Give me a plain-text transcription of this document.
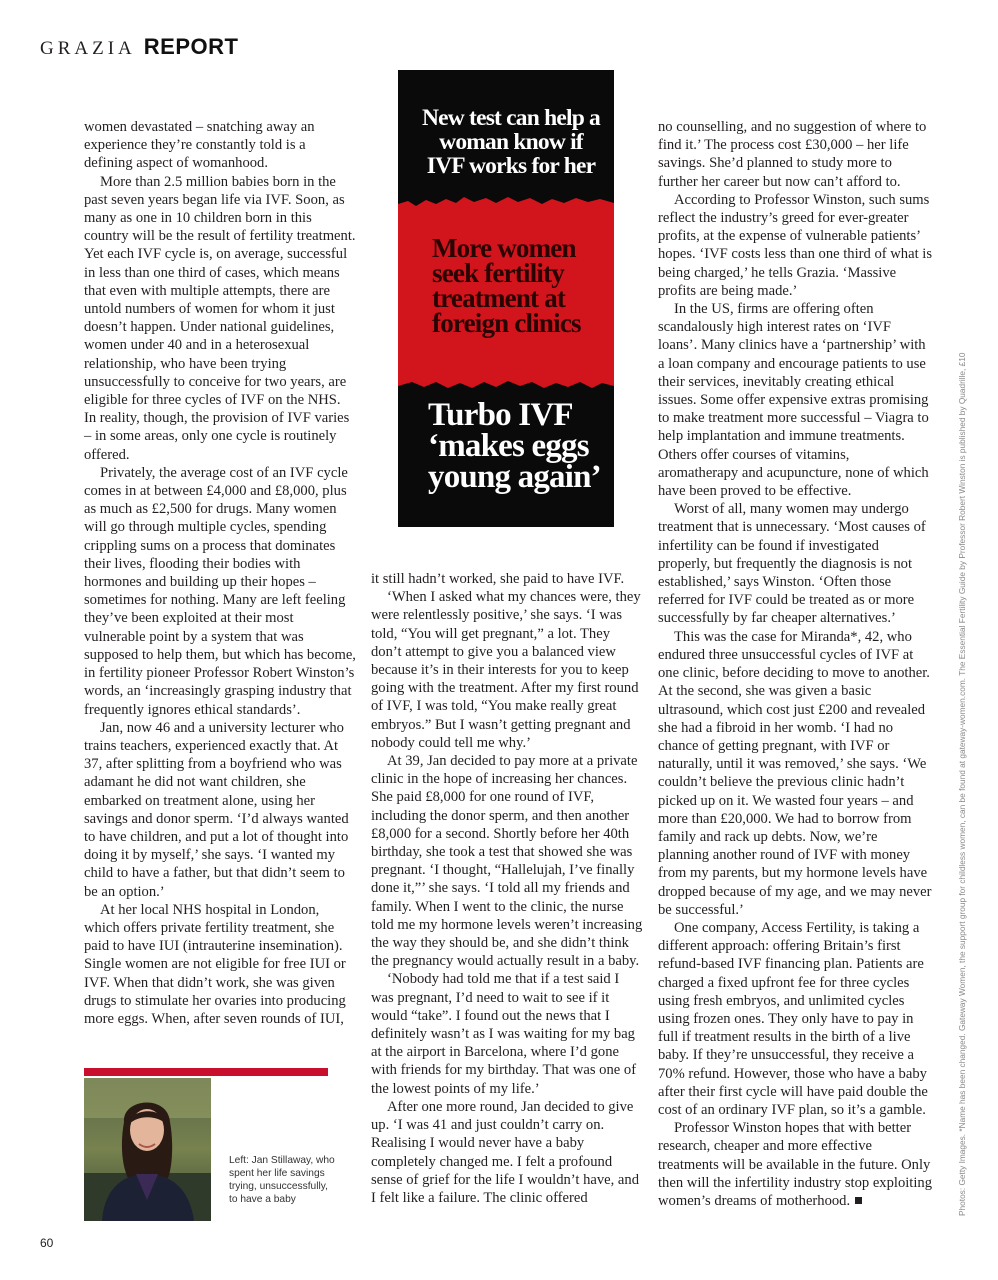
GRAZIA REPORT

women devastated – snatching away an experience they’re constantly told is a defining aspect of womanhood.

More than 2.5 million babies born in the past seven years began life via IVF. Soon, as many as one in 10 children born in this country will be the result of fertility treatment. Yet each IVF cycle is, on average, successful in less than one third of cases, which means that even with multiple attempts, there are untold numbers of women for whom it just doesn’t happen. Under national guidelines, women under 40 and in a heterosexual relationship, who have been trying unsuccessfully to conceive for two years, are eligible for three cycles of IVF on the NHS. In reality, though, the provision of IVF varies – in some areas, only one cycle is routinely offered.

Privately, the average cost of an IVF cycle comes in at between £4,000 and £8,000, plus as much as £2,500 for drugs. Many women will go through multiple cycles, spending crippling sums on a process that dominates their lives, flooding their bodies with hormones and building up their hopes – sometimes for nothing. Many are left feeling they’ve been exploited at their most vulnerable point by a system that was supposed to help them, but which has become, in fertility pioneer Professor Robert Winston’s words, an ‘increasingly grasping industry that frequently ignores ethical standards’.

Jan, now 46 and a university lecturer who trains teachers, experienced exactly that. At 37, after splitting from a boyfriend who was adamant he did not want children, she embarked on treatment alone, using her savings and donor sperm. ‘I’d always wanted to have children, and put a lot of thought into doing it by myself,’ she says. ‘I wanted my child to have a father, but that didn’t seem to be an option.’

At her local NHS hospital in London, which offers private fertility treatment, she paid to have IUI (intrauterine insemination). Single women are not eligible for free IUI or IVF. When that didn’t work, she was given drugs to stimulate her ovaries into producing more eggs. When, after seven rounds of IUI,

New test can help a woman know if IVF works for her
More women seek fertility treatment at foreign clinics
Turbo IVF ‘makes eggs young again’

it still hadn’t worked, she paid to have IVF.

‘When I asked what my chances were, they were relentlessly positive,’ she says. ‘I was told, “You will get pregnant,” a lot. They don’t attempt to give you a balanced view because it’s in their interests for you to keep going with the treatment. After my first round of IVF, I was told, “You make really great embryos.” But I wasn’t getting pregnant and nobody could tell me why.’

At 39, Jan decided to pay more at a private clinic in the hope of increasing her chances. She paid £8,000 for one round of IVF, including the donor sperm, and then another £8,000 for a second. Shortly before her 40th birthday, she took a test that showed she was pregnant. ‘I thought, “Hallelujah, I’ve finally done it,”’ she says. ‘I told all my friends and family. When I went to the clinic, the nurse told me my hormone levels weren’t increasing the way they should be, and she didn’t think the pregnancy would actually result in a baby.

‘Nobody had told me that if a test said I was pregnant, I’d need to wait to see if it would “take”. I found out the news that I definitely wasn’t as I was waiting for my bag at the airport in Barcelona, where I’d gone with friends for my birthday. That was one of the lowest points of my life.’

After one more round, Jan decided to give up. ‘I was 41 and just couldn’t carry on. Realising I would never have a baby completely changed me. I felt a profound sense of grief for the life I wouldn’t have, and I felt like a failure. The clinic offered

no counselling, and no suggestion of where to find it.’ The process cost £30,000 – her life savings. She’d planned to study more to further her career but now can’t afford to.

According to Professor Winston, such sums reflect the industry’s greed for ever-greater profits, at the expense of vulnerable patients’ hopes. ‘IVF costs less than one third of what is being charged,’ he tells Grazia. ‘Massive profits are being made.’

In the US, firms are offering often scandalously high interest rates on ‘IVF loans’. Many clinics have a ‘partnership’ with a loan company and encourage patients to use their services, inevitably creating ethical issues. Some offer expensive extras promising to make treatment more successful – Viagra to help implantation and immune treatments. Others offer courses of vitamins, aromatherapy and acupuncture, none of which have been proved to be effective.

Worst of all, many women may undergo treatment that is unnecessary. ‘Most causes of infertility can be found if investigated properly, but frequently the diagnosis is not established,’ says Winston. ‘Often those referred for IVF could be treated as or more successfully by far cheaper alternatives.’

This was the case for Miranda*, 42, who endured three unsuccessful cycles of IVF at one clinic, before deciding to move to another. At the second, she was given a basic ultrasound, which cost just £200 and revealed she had a fibroid in her womb. ‘I had no chance of getting pregnant, with IVF or naturally, until it was removed,’ she says. ‘We couldn’t believe the previous clinic hadn’t picked up on it. We wasted four years – and more than £20,000. We had to borrow from family and rack up debts. Now, we’re planning another round of IVF with money from my parents, but my hormone levels have dropped because of my age, and we may never be successful.’

One company, Access Fertility, is taking a different approach: offering Britain’s first refund-based IVF financing plan. Patients are charged a fixed upfront fee for three cycles using fresh embryos, and unlimited cycles using frozen ones. They only have to pay in full if treatment results in the birth of a live baby. If they’re unsuccessful, they receive a 70% refund. However, those who have a baby after their first cycle will have paid double the cost of an ordinary IVF plan, so it’s a gamble.

Professor Winston hopes that with better research, cheaper and more effective treatments will be available in the future. Only then will the infertility industry stop exploiting women’s dreams of motherhood.

Left: Jan Stillaway, who spent her life savings trying, unsuccessfully, to have a baby
60
Photos: Getty Images. *Name has been changed. Gateway Women, the support group for childless women, can be found at gateway-women.com. The Essential Fertility Guide by Professor Robert Winston is published by Quadrille, £10
